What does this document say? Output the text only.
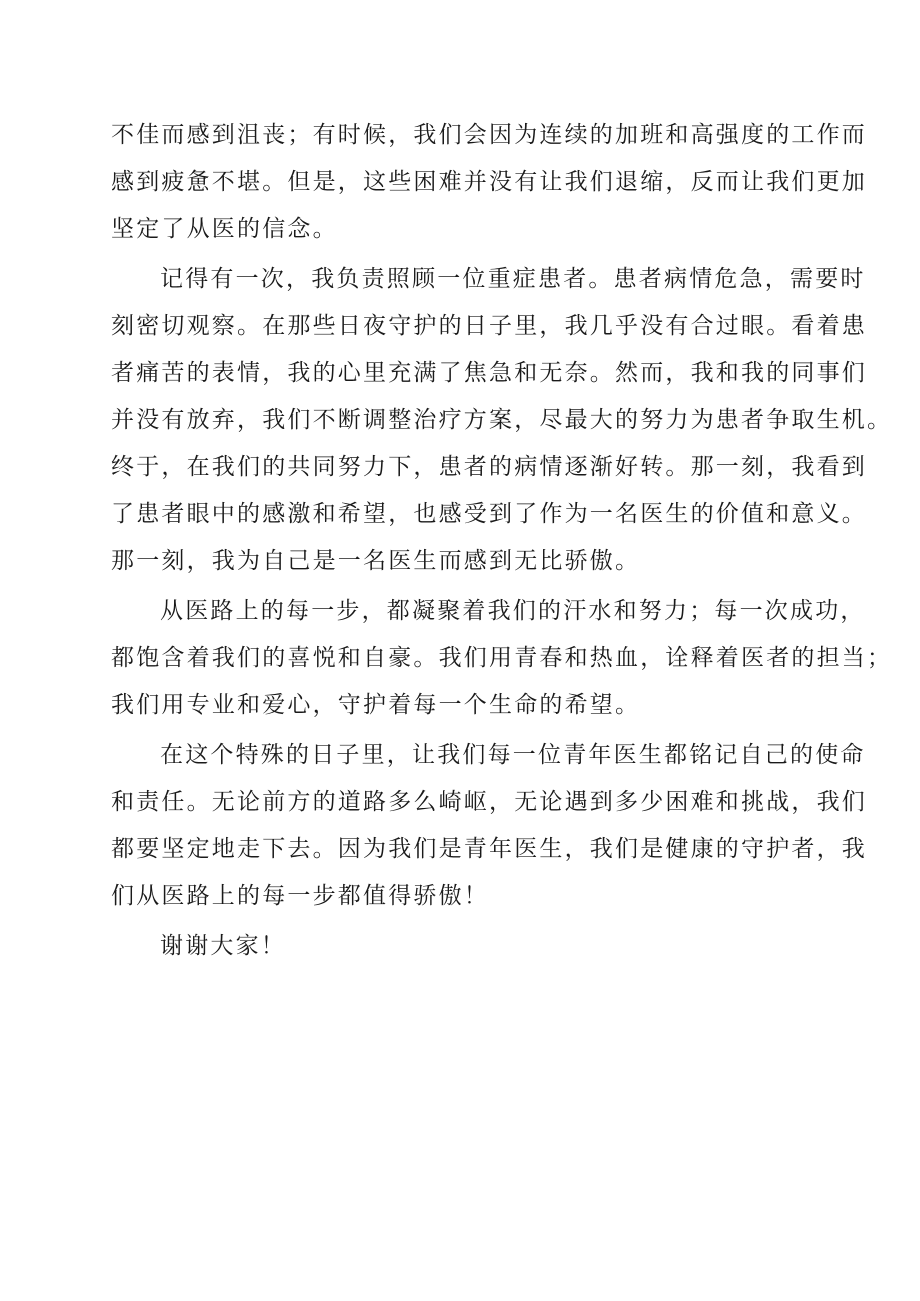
不佳而感到沮丧；有时候，我们会因为连续的加班和高强度的工作而
感到疲惫不堪。但是，这些困难并没有让我们退缩，反而让我们更加
坚定了从医的信念。
记得有一次，我负责照顾一位重症患者。患者病情危急，需要时
刻密切观察。在那些日夜守护的日子里，我几乎没有合过眼。看着患
者痛苦的表情，我的心里充满了焦急和无奈。然而，我和我的同事们
并没有放弃，我们不断调整治疗方案，尽最大的努力为患者争取生机。
终于，在我们的共同努力下，患者的病情逐渐好转。那一刻，我看到
了患者眼中的感激和希望，也感受到了作为一名医生的价值和意义。
那一刻，我为自己是一名医生而感到无比骄傲。
从医路上的每一步，都凝聚着我们的汗水和努力；每一次成功，
都饱含着我们的喜悦和自豪。我们用青春和热血，诠释着医者的担当；
我们用专业和爱心，守护着每一个生命的希望。
在这个特殊的日子里，让我们每一位青年医生都铭记自己的使命
和责任。无论前方的道路多么崎岖，无论遇到多少困难和挑战，我们
都要坚定地走下去。因为我们是青年医生，我们是健康的守护者，我
们从医路上的每一步都值得骄傲！
谢谢大家！
